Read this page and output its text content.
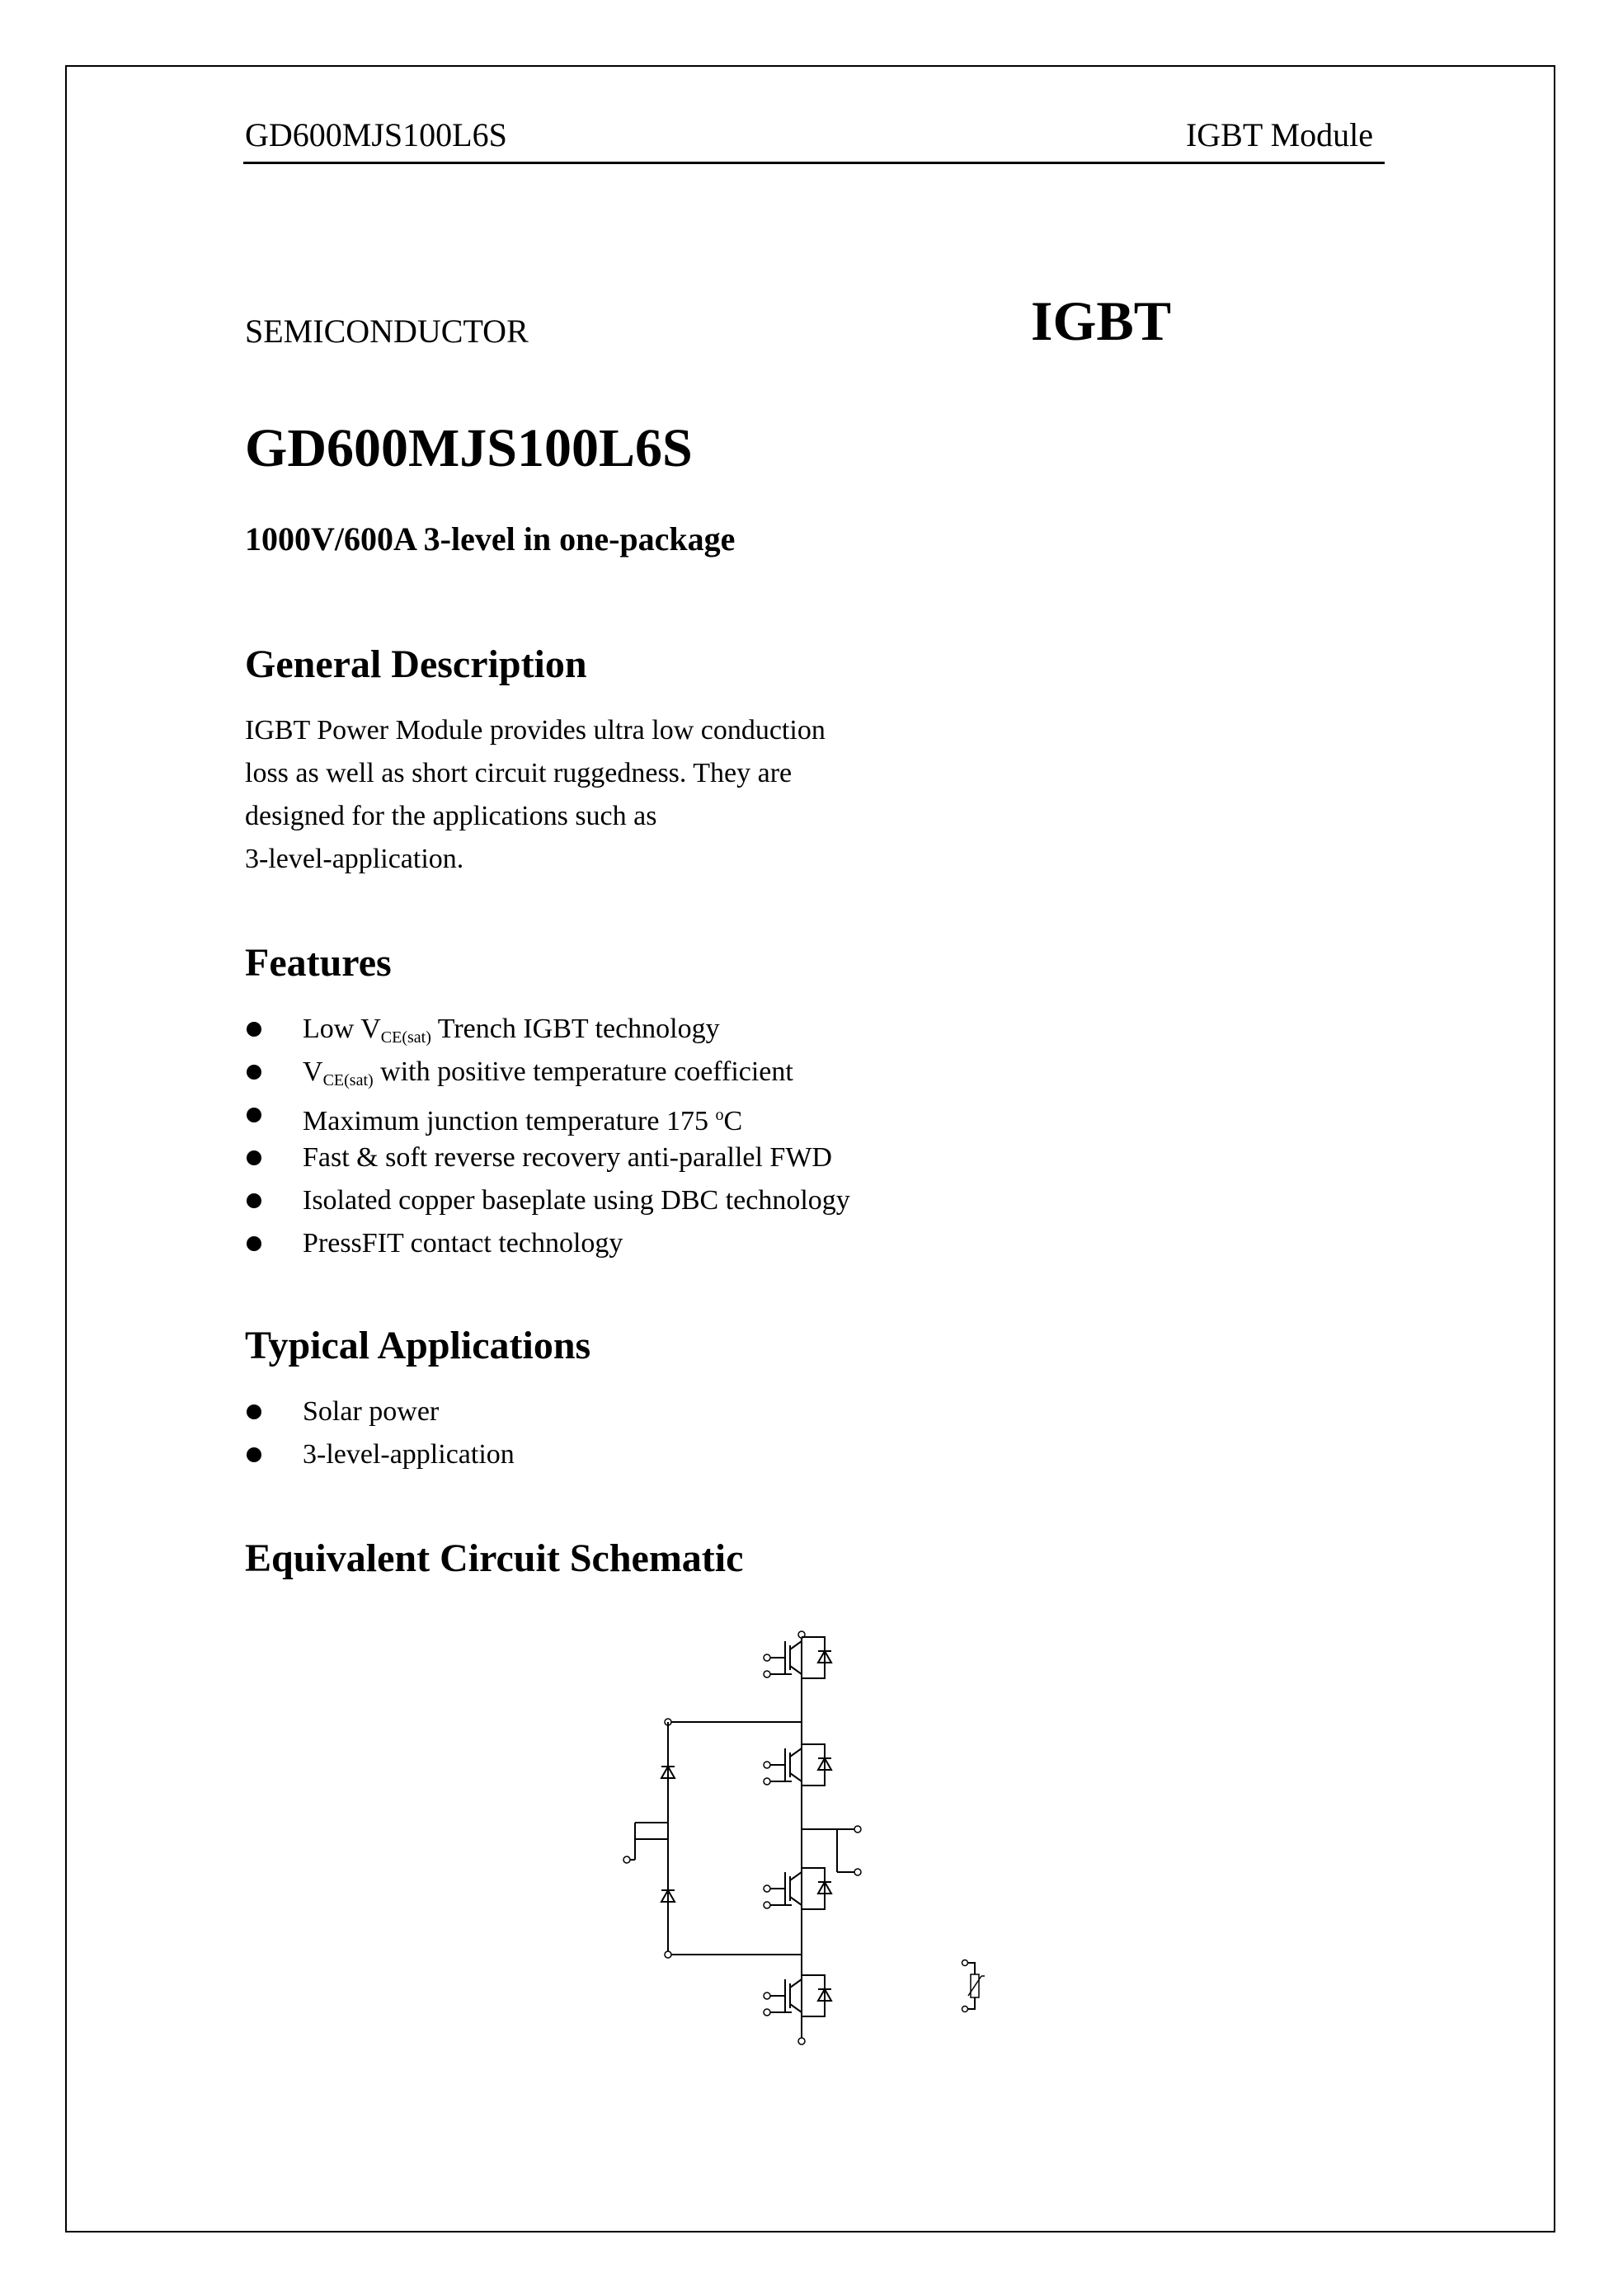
GD600MJS100L6S	IGBT Module
SEMICONDUCTOR	IGBT
GD600MJS100L6S
1000V/600A 3-level in one-package
General Description
IGBT Power Module provides ultra low conduction
loss as well as short circuit ruggedness. They are
designed for the applications such as
3-level-application.
Features
Low $V_{CE(sat)}$ Trench IGBT technology
$V_{CE(sat)}$ with positive temperature coefficient
Maximum junction temperature 175 $^o$C
Fast & soft reverse recovery anti-parallel FWD
Isolated copper baseplate using DBC technology
PressFIT contact technology
Typical Applications
Solar power
3-level-application
Equivalent Circuit Schematic
